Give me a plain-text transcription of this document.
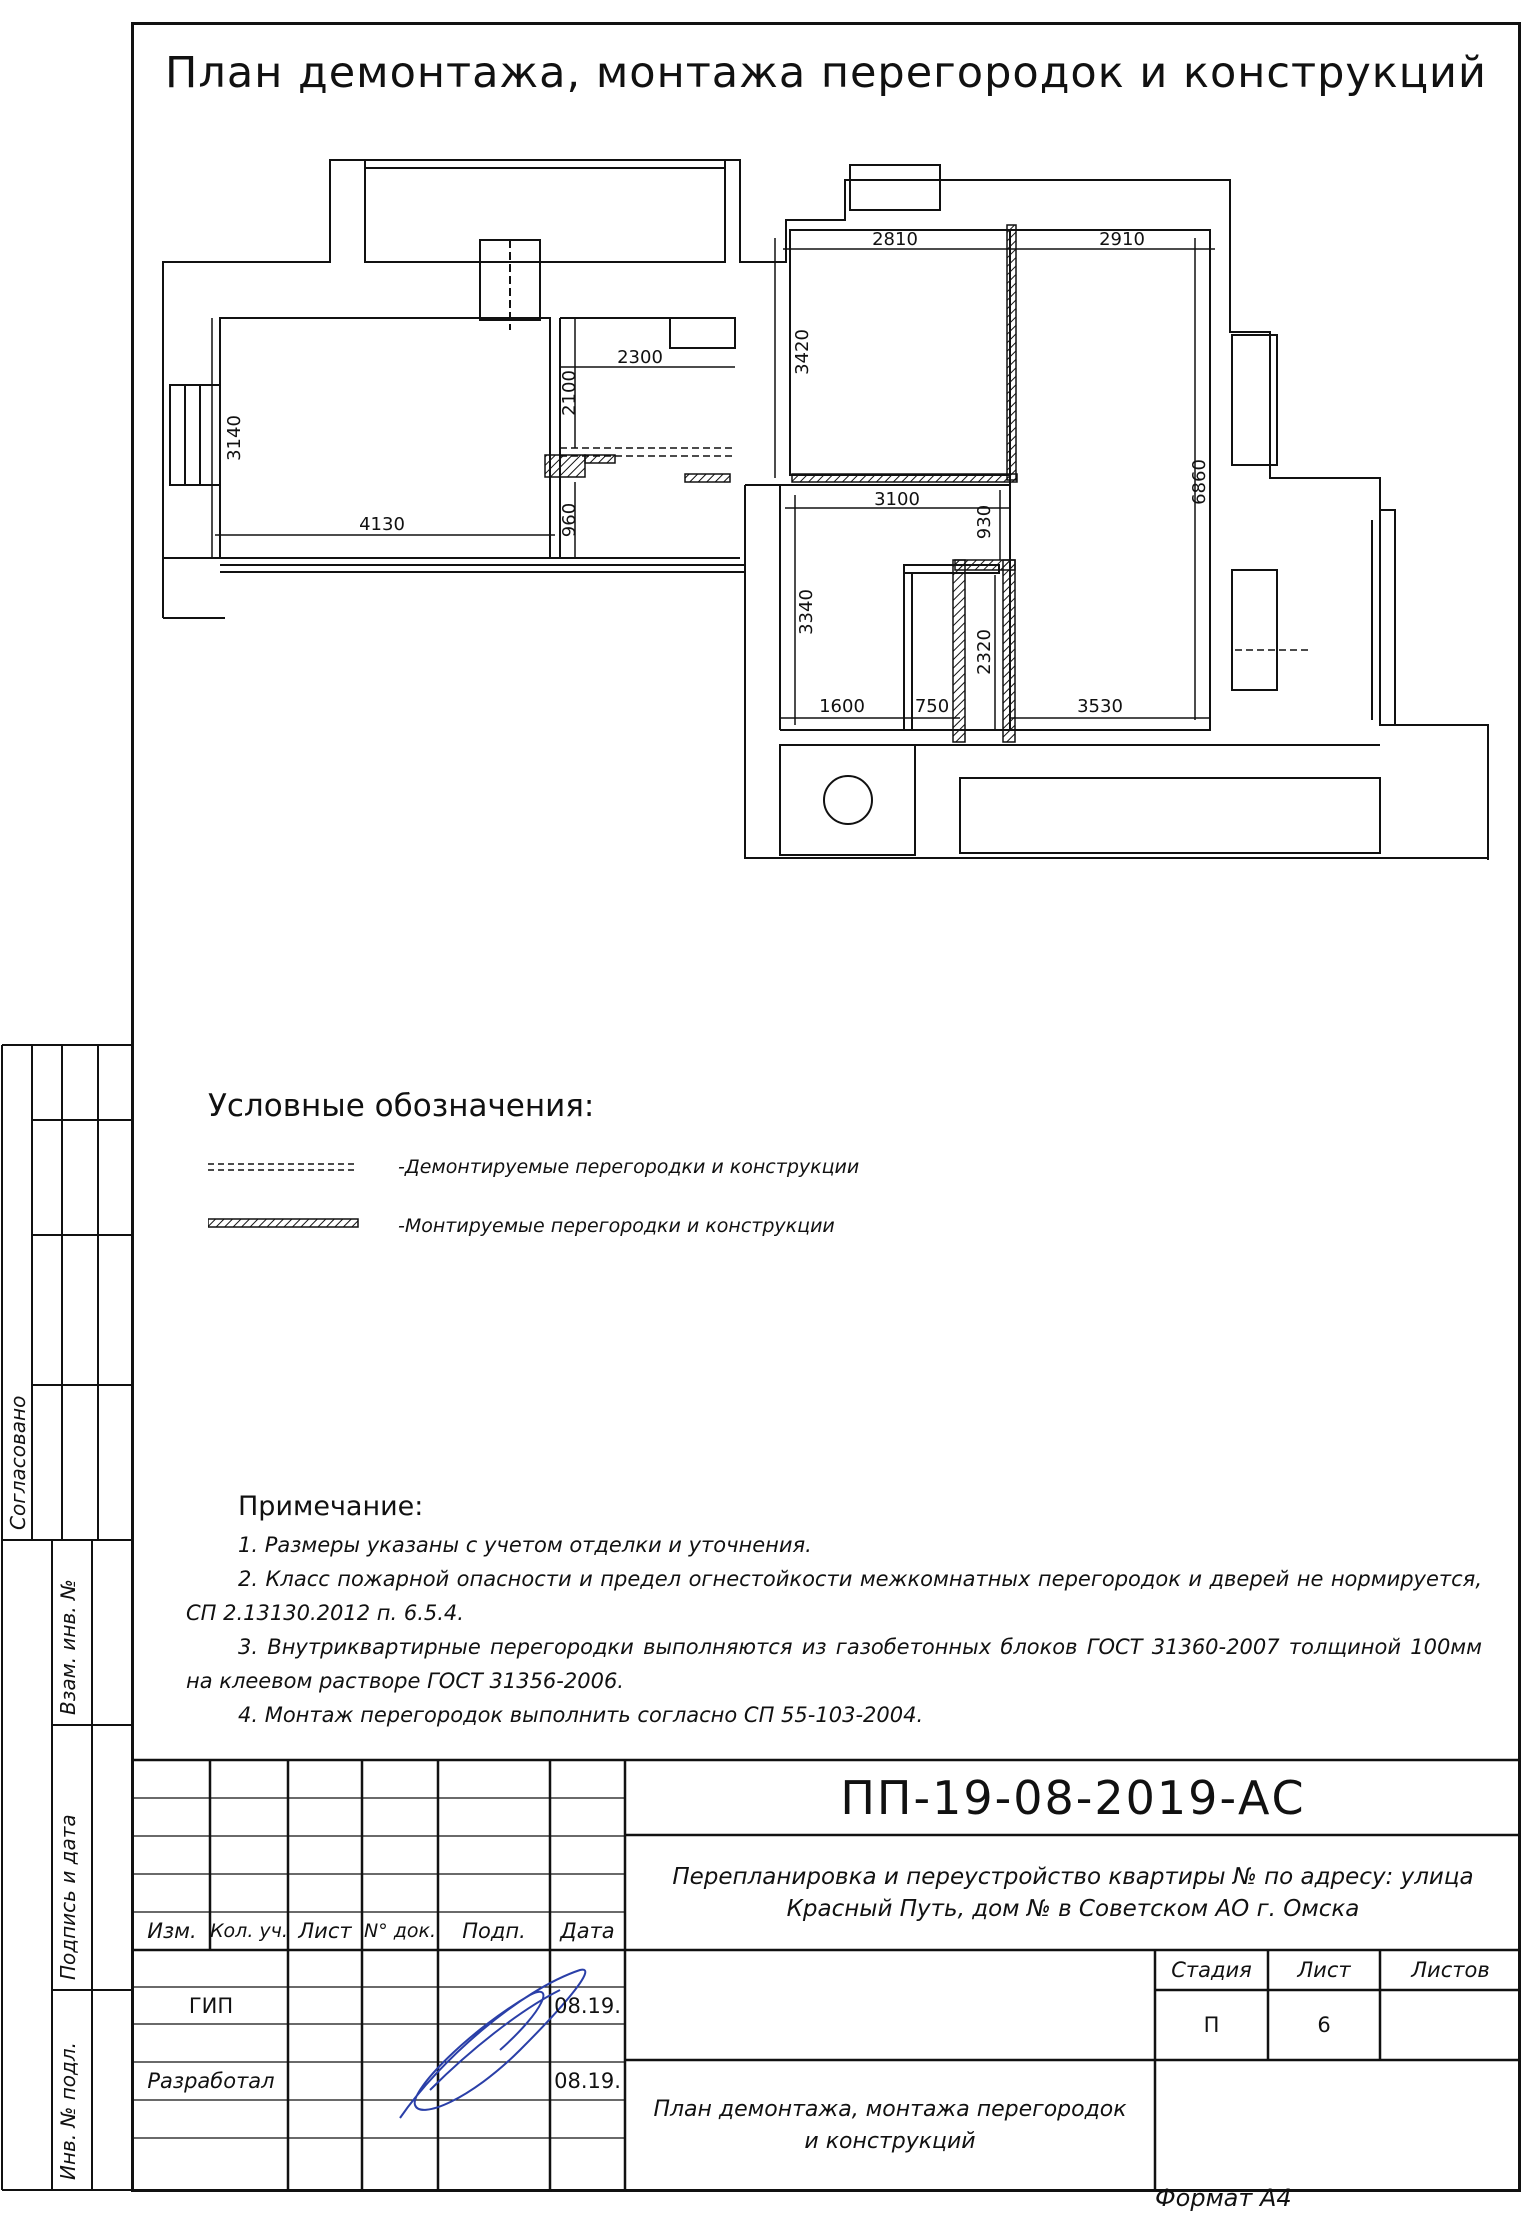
План демонтажа, монтажа перегородок и конструкций
2810	2910
3420
2300
2100
3140
4130	960
3100
930
6860
3340
2320
1600	750	3530
Условные обозначения:
-Демонтируемые перегородки и конструкции
-Монтируемые перегородки и конструкции
Примечание:

1. Размеры указаны с учетом отделки и уточнения.

2. Класс пожарной опасности и предел огнестойкости межкомнатных перегородок и дверей не нормируется, СП 2.13130.2012 п. 6.5.4.

3. Внутриквартирные перегородки выполняются из газобетонных блоков ГОСТ 31360-2007 толщиной 100мм на клеевом растворе ГОСТ 31356-2006.

4. Монтаж перегородок выполнить согласно СП 55-103-2004.

Согласовано
Взам. инв. №
Подпись и дата
Инв. № подл.
ПП-19-08-2019-АС
Перепланировка и переустройство квартиры № по адресу: улица
Красный Путь, дом № в Советском АО г. Омска
Изм. Кол. уч. Лист N° док.	Подп.	Дата
ГИП	08.19.
Разработал	08.19.
Стадия	Лист	Листов
П	6
План демонтажа, монтажа перегородок и конструкций
Формат А4
